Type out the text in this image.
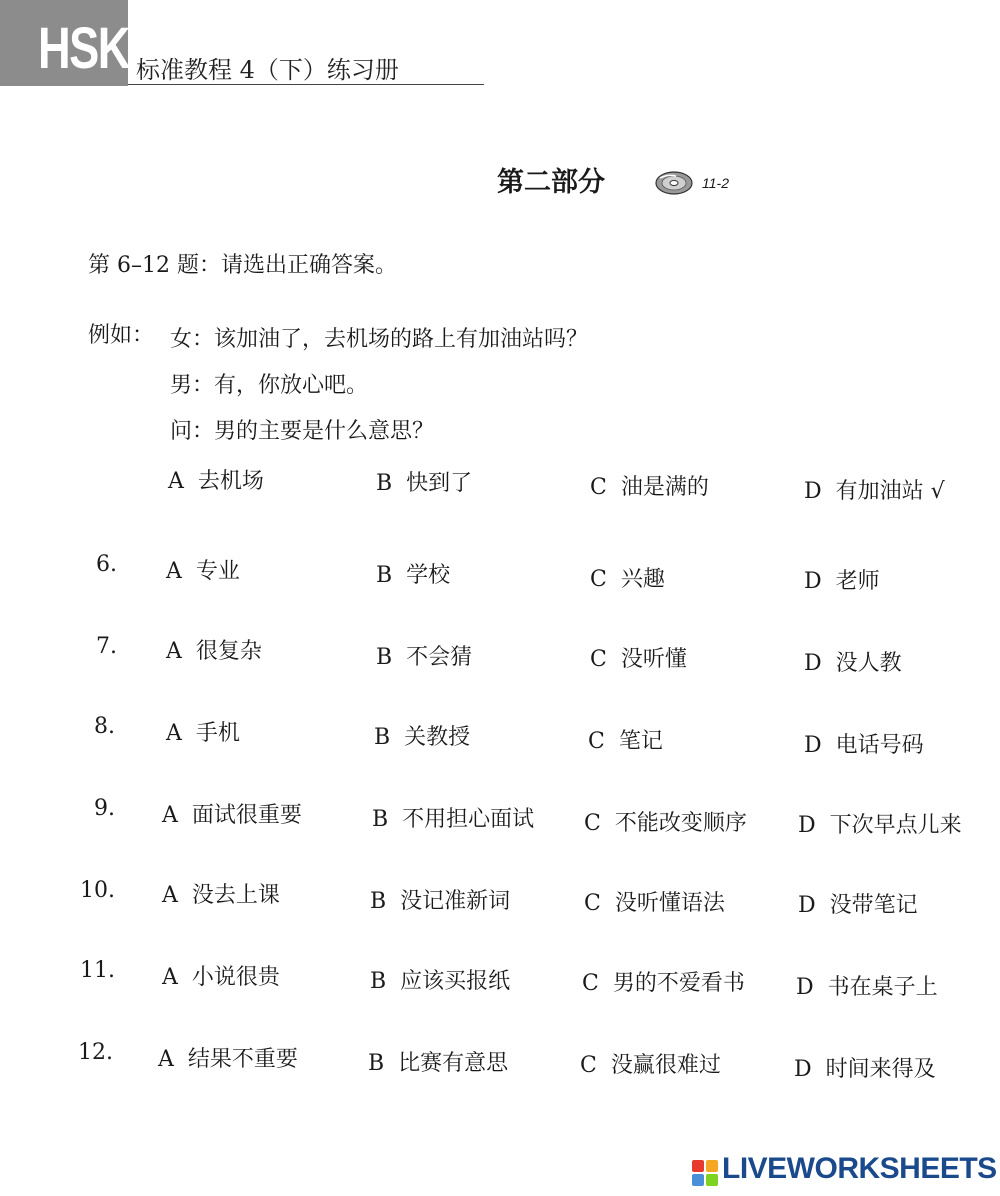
HSK 标准教程 4（下）练习册
第二部分	11-2
第 6–12 题：请选出正确答案。
例如： 女：该加油了，去机场的路上有加油站吗？
男：有，你放心吧。
问：男的主要是什么意思？
A 去机场	B 快到了	C 油是满的	D 有加油站 √
6. A 专业	B 学校	C 兴趣	D 老师
7. A 很复杂	B 不会猜	C 没听懂	D 没人教
8. A 手机	B 关教授	C 笔记	D 电话号码
9. A 面试很重要	B 不用担心面试 C 不能改变顺序 D 下次早点儿来
10. A 没去上课	B 没记准新词	C 没听懂语法	D 没带笔记
11. A 小说很贵	B 应该买报纸	C 男的不爱看书 D 书在桌子上
12. A 结果不重要	B 比赛有意思	C 没赢很难过	D 时间来得及
LIVEWORKSHEETS
